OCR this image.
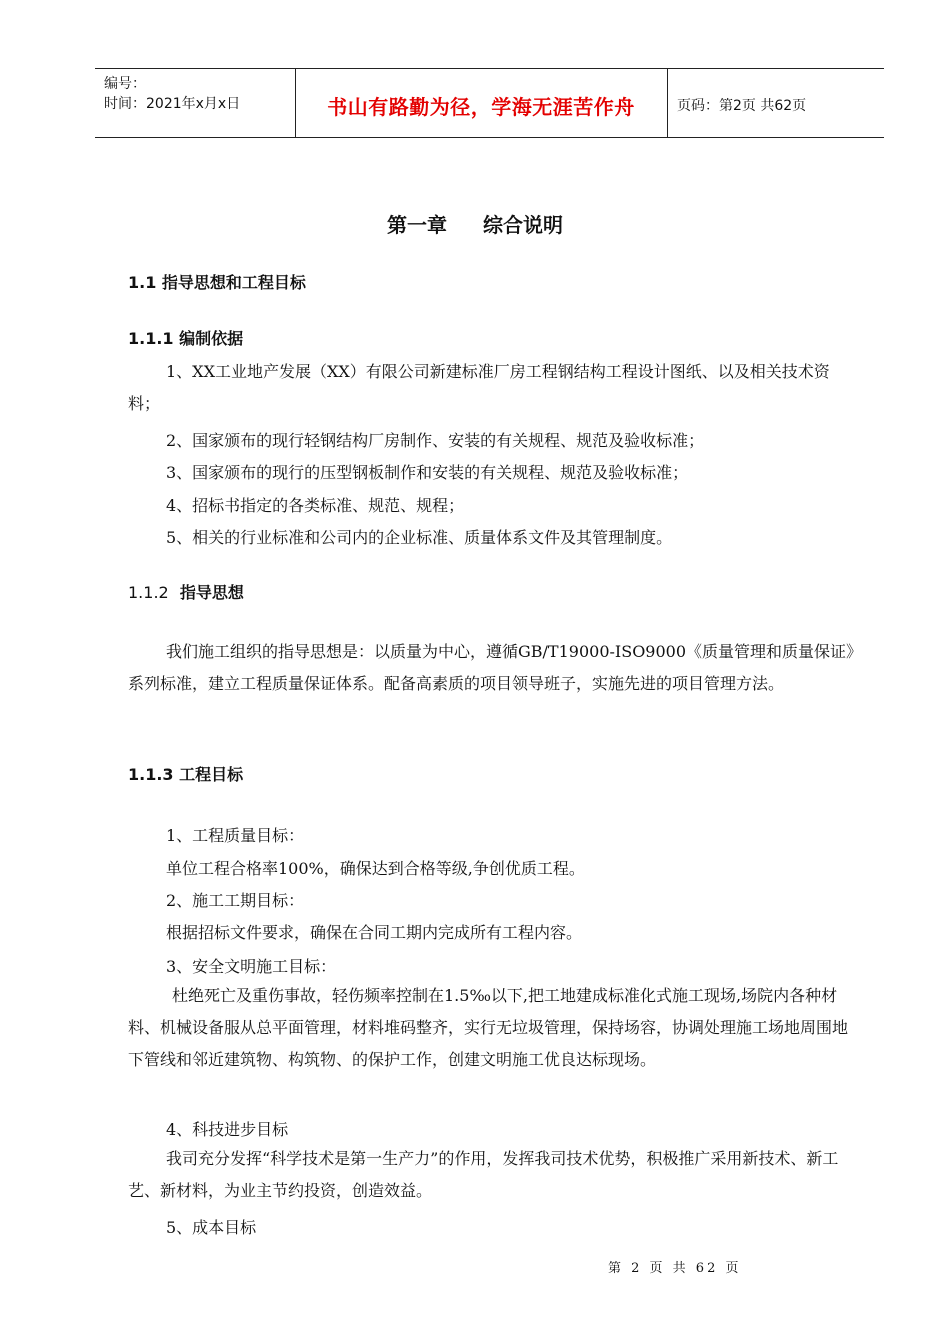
编号：
时间：2021年x月x日	书山有路勤为径，学海无涯苦作舟	页码：第2页 共62页
第一章 综合说明
1.1 指导思想和工程目标
1.1.1 编制依据

1、XX工业地产发展（XX）有限公司新建标准厂房工程钢结构工程设计图纸、以及相关技术资料；

2、国家颁布的现行轻钢结构厂房制作、安装的有关规程、规范及验收标准；
3、国家颁布的现行的压型钢板制作和安装的有关规程、规范及验收标准；
4、招标书指定的各类标准、规范、规程；
5、相关的行业标准和公司内的企业标准、质量体系文件及其管理制度。
1.1.2 指导思想

我们施工组织的指导思想是：以质量为中心，遵循GB/T19000-ISO9000《质量管理和质量保证》系列标准，建立工程质量保证体系。配备高素质的项目领导班子，实施先进的项目管理方法。

1.1.3 工程目标
1、工程质量目标：
单位工程合格率100%，确保达到合格等级,争创优质工程。
2、施工工期目标：
根据招标文件要求，确保在合同工期内完成所有工程内容。
3、安全文明施工目标：

杜绝死亡及重伤事故，轻伤频率控制在1.5‰以下,把工地建成标准化式施工现场,场院内各种材料、机械设备服从总平面管理，材料堆码整齐，实行无垃圾管理，保持场容，协调处理施工场地周围地下管线和邻近建筑物、构筑物、的保护工作，创建文明施工优良达标现场。

4、科技进步目标

我司充分发挥“科学技术是第一生产力”的作用，发挥我司技术优势，积极推广采用新技术、新工艺、新材料，为业主节约投资，创造效益。

5、成本目标
第 2 页 共 62 页
